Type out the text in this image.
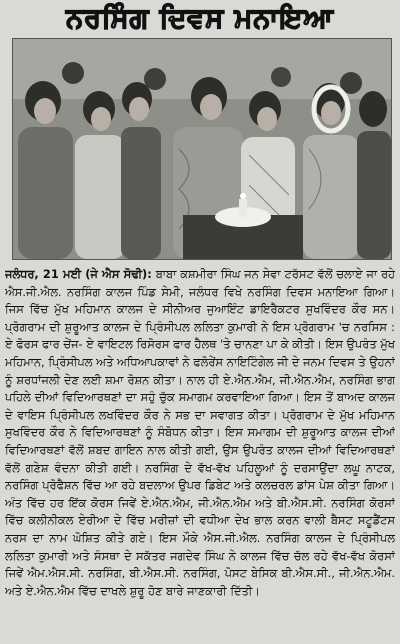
ਨਰਸਿੰਗ ਦਿਵਸ ਮਨਾਇਆ
ਜਲੰਧਰ, 21 ਮਈ (ਜੇ ਐਸ ਸੋਢੀ): ਬਾਬਾ ਕਸ਼ਮੀਰਾ ਸਿੰਘ ਜਨ ਸੇਵਾ ਟਰੱਸਟ ਵੱਲੋਂ ਚਲਾਏ ਜਾ ਰਹੇ ਐਸ.ਜੀ.ਐਲ. ਨਰਸਿੰਗ ਕਾਲਜ ਪਿੰਡ ਸੇਮੀ, ਜਲੰਧਰ ਵਿਖੇ ਨਰਸਿੰਗ ਦਿਵਸ ਮਨਾਇਆ ਗਿਆ। ਜਿਸ ਵਿੱਚ ਮੁੱਖ ਮਹਿਮਾਨ ਕਾਲਜ ਦੇ ਸੀਨੀਅਰ ਜੁਆਇੰਟ ਡਾਇਰੈਕਟਰ ਸੁਖਵਿੰਦਰ ਕੌਰ ਸਨ। ਪ੍ਰੋਗਰਾਮ ਦੀ ਸ਼ੁਰੂਆਤ ਕਾਲਜ ਦੇ ਪ੍ਰਿੰਸੀਪਲ ਲਲਿਤਾ ਕੁਮਾਰੀ ਨੇ ਇਸ ਪ੍ਰੋਗਰਾਮ 'ਚ ਨਰਸਿਸ : ਏ ਫੋਰਸ ਫਾਰ ਚੇਂਜ- ਏ ਵਾਇਟਲ ਰਿਸੋਰਸ ਫਾਰ ਹੈਲਥ 'ਤੇ ਚਾਨਣਾ ਪਾ ਕੇ ਕੀਤੀ। ਇਸ ਉਪਰੰਤ ਮੁੱਖ ਮਹਿਮਾਨ, ਪ੍ਰਿੰਸੀਪਲ ਅਤੇ ਅਧਿਆਪਕਾਵਾਂ ਨੇ ਫਲੋਰੇਂਸ ਨਾਇਟਿੰਗੇਲ ਜੀ ਦੇ ਜਨਮ ਦਿਵਸ ਤੇ ਉਹਨਾਂ ਨੂੰ ਸ਼ਰਧਾਂਜਲੀ ਦੇਣ ਲਈ ਸ਼ਮਾ ਰੋਸ਼ਨ ਕੀਤਾ। ਨਾਲ ਹੀ ਏ.ਐਨ.ਐਮ, ਜੀ.ਐਨ.ਐਮ, ਨਰਸਿੰਗ ਭਾਗ ਪਹਿਲੇ ਦੀਆਂ ਵਿਦਿਆਰਥਣਾਂ ਦਾ ਸਹੁੰ ਚੁੱਕ ਸਮਾਗਮ ਕਰਵਾਇਆ ਗਿਆ। ਇਸ ਤੋਂ ਬਾਅਦ ਕਾਲਜ ਦੇ ਵਾਇਸ ਪ੍ਰਿੰਸੀਪਲ ਲਖਵਿੰਦਰ ਕੌਰ ਨੇ ਸਭ ਦਾ ਸਵਾਗਤ ਕੀਤਾ। ਪ੍ਰੋਗਰਾਮ ਦੇ ਮੁੱਖ ਮਹਿਮਾਨ ਸੁਖਵਿੰਦਰ ਕੌਰ ਨੇ ਵਿਦਿਆਰਥਣਾਂ ਨੂੰ ਸੰਬੋਧਨ ਕੀਤਾ। ਇਸ ਸਮਾਗਮ ਦੀ ਸ਼ੁਰੂਆਤ ਕਾਲਜ ਦੀਆਂ ਵਿਦਿਆਰਥਣਾਂ ਵੱਲੋਂ ਸ਼ਬਦ ਗਾਇਨ ਨਾਲ ਕੀਤੀ ਗਈ, ਉਸ ਉਪਰੰਤ ਕਾਲਜ ਦੀਆਂ ਵਿਦਿਆਰਥਣਾਂ ਵੱਲੋਂ ਗਣੇਸ਼ ਵੰਦਨਾ ਕੀਤੀ ਗਈ। ਨਰਸਿੰਗ ਦੇ ਵੱਖ-ਵੱਖ ਪਹਿਲੂਆਂ ਨੂੰ ਦਰਸਾਉਂਦਾ ਲਘੂ ਨਾਟਕ, ਨਰਸਿੰਗ ਪ੍ਰੋਫੈਸ਼ਨ ਵਿੱਚ ਆ ਰਹੇ ਬਦਲਾਅ ਉਪਰ ਡਿਬੇਟ ਅਤੇ ਕਲਚਰਲ ਡਾਂਸ ਪੇਸ਼ ਕੀਤਾ ਗਿਆ। ਅੰਤ ਵਿੱਚ ਹਰ ਇੱਕ ਕੋਰਸ ਜਿਵੇਂ ਏ.ਐਨ.ਐਮ, ਜੀ.ਐਨ.ਐਮ ਅਤੇ ਬੀ.ਐਸ.ਸੀ. ਨਰਸਿੰਗ ਕੋਰਸਾਂ ਵਿੱਚ ਕਲੀਨੀਕਲ ਏਰੀਆ ਦੇ ਵਿੱਚ ਮਰੀਜ਼ਾਂ ਦੀ ਵਧੀਆ ਦੇਖ ਭਾਲ ਕਰਨ ਵਾਲੀ ਬੈਸਟ ਸਟੂਡੈਂਟਸ ਨਰਸ ਦਾ ਨਾਮ ਘੋਸ਼ਿਤ ਕੀਤੇ ਗਏ। ਇਸ ਮੌਕੇ ਐਸ.ਜੀ.ਐਲ. ਨਰਸਿੰਗ ਕਾਲਜ ਦੇ ਪ੍ਰਿੰਸੀਪਲ ਲਲਿਤਾ ਕੁਮਾਰੀ ਅਤੇ ਸੰਸਥਾ ਦੇ ਸਕੱਤਰ ਜਗਦੇਵ ਸਿੰਘ ਨੇ ਕਾਲਜ ਵਿੱਚ ਚੱਲ ਰਹੇ ਵੱਖ-ਵੱਖ ਕੋਰਸਾਂ ਜਿਵੇਂ ਐਮ.ਐਸ.ਸੀ. ਨਰਸਿੰਗ, ਬੀ.ਐਸ.ਸੀ. ਨਰਸਿੰਗ, ਪੋਸਟ ਬੇਸਿਕ ਬੀ.ਐਸ.ਸੀ., ਜੀ.ਐਨ.ਐਮ. ਅਤੇ ਏ.ਐਨ.ਐਮ ਵਿੱਚ ਦਾਖਲੇ ਸ਼ੁਰੂ ਹੋਣ ਬਾਰੇ ਜਾਣਕਾਰੀ ਦਿੱਤੀ।
